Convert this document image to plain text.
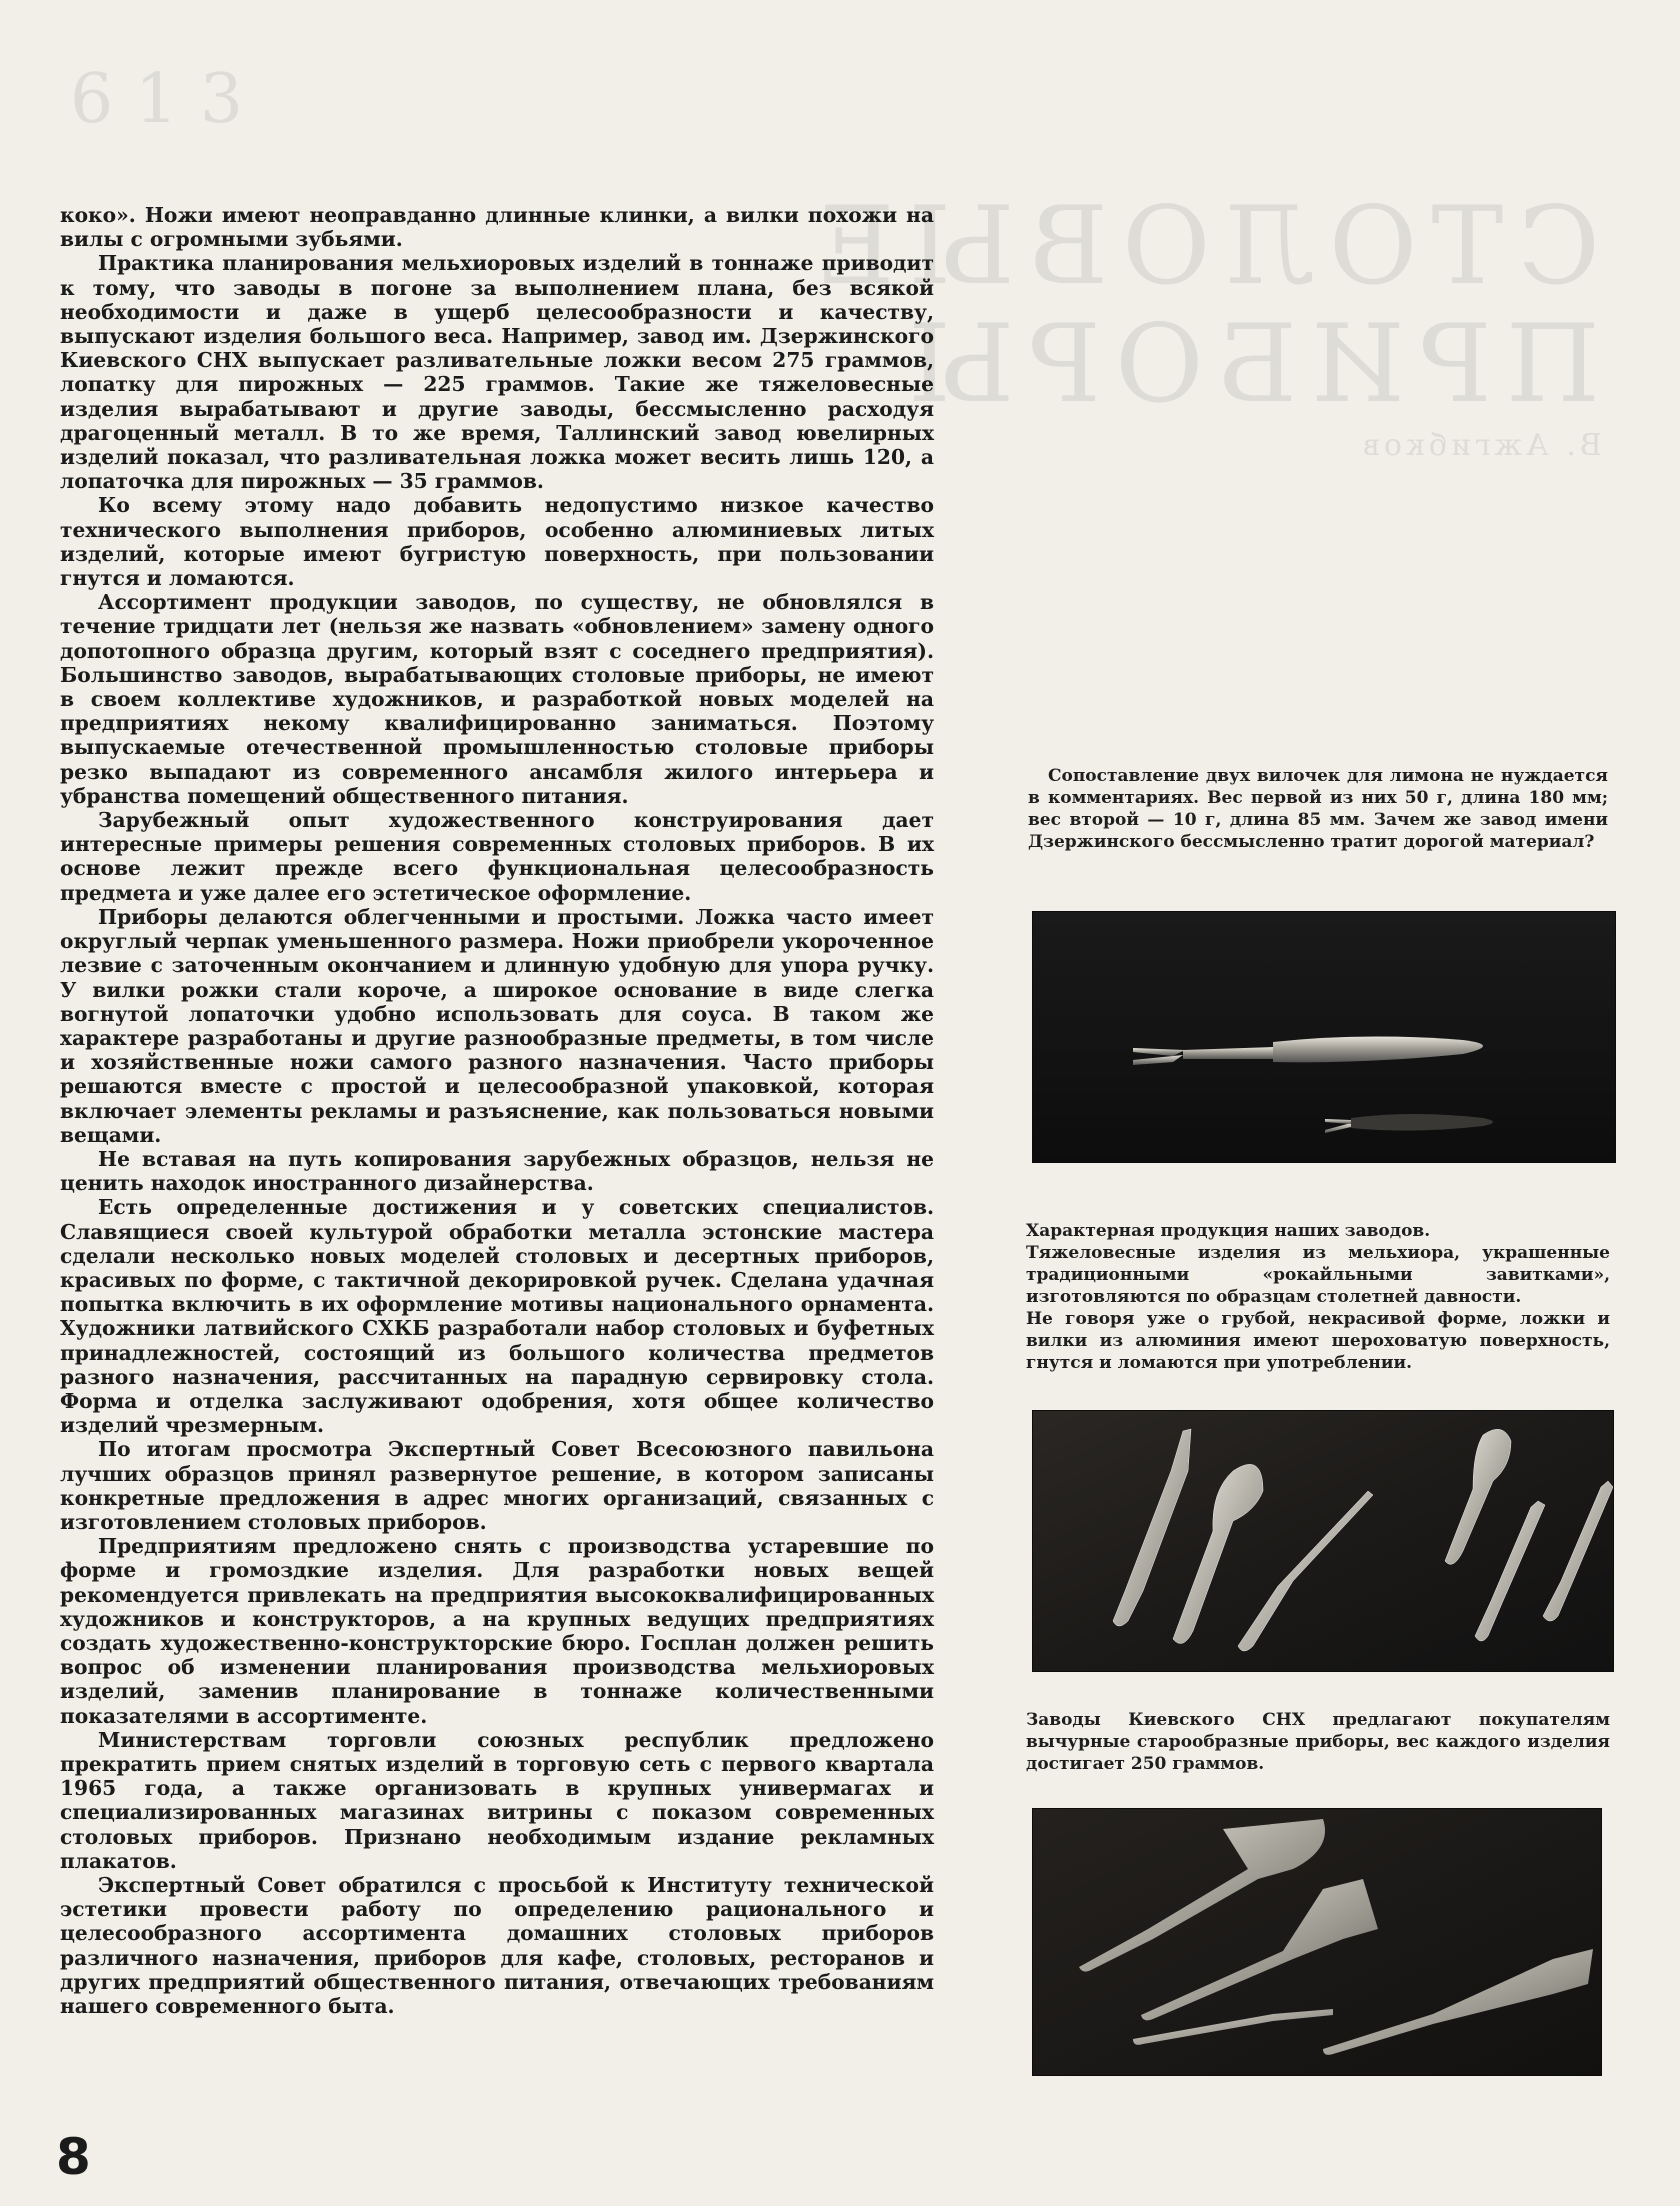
6 1 3
СТОЛОВЫЕ ПРИБОРЫ
В. Ажгибков

коко». Ножи имеют неоправданно длинные клинки, а вилки похожи на вилы с огромными зубьями.

Практика планирования мельхиоровых изделий в тоннаже приводит к тому, что заводы в погоне за выполнением плана, без всякой необходимости и даже в ущерб целесообразности и качеству, выпускают изделия большого веса. Например, завод им. Дзержинского Киевского СНХ выпускает разливательные ложки весом 275 граммов, лопатку для пирожных — 225 граммов. Такие же тяжеловесные изделия вырабатывают и другие заводы, бессмысленно расходуя драгоценный металл. В то же время, Таллинский завод ювелирных изделий показал, что разливательная ложка может весить лишь 120, а лопаточка для пирожных — 35 граммов.

Ко всему этому надо добавить недопустимо низкое качество технического выполнения приборов, особенно алюминиевых литых изделий, которые имеют бугристую поверхность, при пользовании гнутся и ломаются.

Ассортимент продукции заводов, по существу, не обновлялся в течение тридцати лет (нельзя же назвать «обновлением» замену одного допотопного образца другим, который взят с соседнего предприятия). Большинство заводов, вырабатывающих столовые приборы, не имеют в своем коллективе художников, и разработкой новых моделей на предприятиях некому квалифицированно заниматься. Поэтому выпускаемые отечественной промышленностью столовые приборы резко выпадают из современного ансамбля жилого интерьера и убранства помещений общественного питания.

Зарубежный опыт художественного конструирования дает интересные примеры решения современных столовых приборов. В их основе лежит прежде всего функциональная целесообразность предмета и уже далее его эстетическое оформление.

Приборы делаются облегченными и простыми. Ложка часто имеет округлый черпак уменьшенного размера. Ножи приобрели укороченное лезвие с заточенным окончанием и длинную удобную для упора ручку. У вилки рожки стали короче, а широкое основание в виде слегка вогнутой лопаточки удобно использовать для соуса. В таком же характере разработаны и другие разнообразные предметы, в том числе и хозяйственные ножи самого разного назначения. Часто приборы решаются вместе с простой и целесообразной упаковкой, которая включает элементы рекламы и разъяснение, как пользоваться новыми вещами.

Не вставая на путь копирования зарубежных образцов, нельзя не ценить находок иностранного дизайнерства.

Есть определенные достижения и у советских специалистов. Славящиеся своей культурой обработки металла эстонские мастера сделали несколько новых моделей столовых и десертных приборов, красивых по форме, с тактичной декорировкой ручек. Сделана удачная попытка включить в их оформление мотивы национального орнамента. Художники латвийского СХКБ разработали набор столовых и буфетных принадлежностей, состоящий из большого количества предметов разного назначения, рассчитанных на парадную сервировку стола. Форма и отделка заслуживают одобрения, хотя общее количество изделий чрезмерным.

По итогам просмотра Экспертный Совет Всесоюзного павильона лучших образцов принял развернутое решение, в котором записаны конкретные предложения в адрес многих организаций, связанных с изготовлением столовых приборов.

Предприятиям предложено снять с производства устаревшие по форме и громоздкие изделия. Для разработки новых вещей рекомендуется привлекать на предприятия высококвалифицированных художников и конструкторов, а на крупных ведущих предприятиях создать художественно-конструкторские бюро. Госплан должен решить вопрос об изменении планирования производства мельхиоровых изделий, заменив планирование в тоннаже количественными показателями в ассортименте.

Министерствам торговли союзных республик предложено прекратить прием снятых изделий в торговую сеть с первого квартала 1965 года, а также организовать в крупных универмагах и специализированных магазинах витрины с показом современных столовых приборов. Признано необходимым издание рекламных плакатов.

Экспертный Совет обратился с просьбой к Институту технической эстетики провести работу по определению рационального и целесообразного ассортимента домашних столовых приборов различного назначения, приборов для кафе, столовых, ресторанов и других предприятий общественного питания, отвечающих требованиям нашего современного быта.

Сопоставление двух вилочек для лимона не нуждается в комментариях. Вес первой из них 50 г, длина 180 мм; вес второй — 10 г, длина 85 мм. Зачем же завод имени Дзержинского бессмысленно тратит дорогой материал?
Характерная продукция наших заводов.
Тяжеловесные изделия из мельхиора, украшенные традиционными «рокайльными завитками», изготовляются по образцам столетней давности.
Не говоря уже о грубой, некрасивой форме, ложки и вилки из алюминия имеют шероховатую поверхность, гнутся и ломаются при употреблении.
Заводы Киевского СНХ предлагают покупателям вычурные старообразные приборы, вес каждого изделия достигает 250 граммов.
8
